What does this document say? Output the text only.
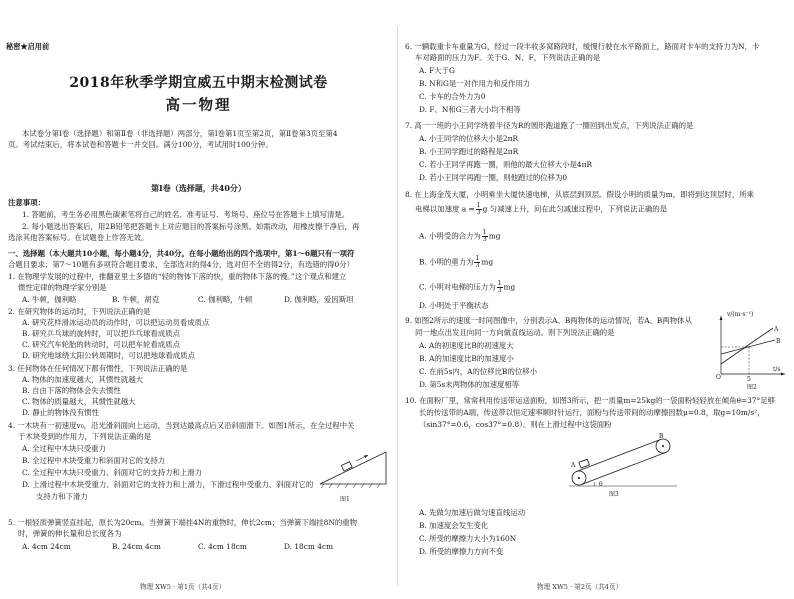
秘密★启用前
2018年秋季学期宜威五中期末检测试卷
高一物理
本试卷分第Ⅰ卷（选择题）和第Ⅱ卷（非选择题）两部分，第Ⅰ卷第1页至第2页，第Ⅱ卷第3页至第4
页。考试结束后，将本试卷和答题卡一并交回。满分100分，考试用时100分钟。
第Ⅰ卷（选择题，共40分）
注意事项：
1. 答题前，考生务必用黑色碳素笔将自己的姓名、准考证号、考场号、座位号在答题卡上填写清楚。
2. 每小题选出答案后，用2B铅笔把答题卡上对应题目的答案标号涂黑。如需改动，用橡皮擦干净后，再
选涂其他答案标号。在试题卷上作答无效。
一、选择题（本大题共10小题，每小题4分，共40分。在每小题给出的四个选项中，第1～6题只有一项符
合题目要求；第7～10题有多项符合题目要求，全部选对的得4分，选对但不全的得2分，有选错的得0分）
1. 在物理学发展的过程中，推翻亚里士多德的“轻的物体下落的快，重的物体下落的慢。”这个观点和建立
惯性定律的物理学家分别是
A. 牛顿，伽利略	B. 牛顿，胡克	C. 伽利略，牛顿	D. 伽利略，爱因斯坦
2. 在研究物体的运动时，下列说法正确的是
A. 研究花样滑冰运动员的动作时，可以把运动员看成质点
B. 研究乒乓球的旋转时，可以把乒乓球看成质点
C. 研究汽车轮胎的转动时，可以把车轮看成质点
D. 研究地球绕太阳公转周期时，可以把地球看成质点
3. 任何物体在任何情况下都有惯性，下列说法正确的是
A. 物体的加速度越大，其惯性就越大
B. 自由下落的物体会失去惯性
C. 物体的质量越大，其惯性就越大
D. 静止的物体没有惯性
4. 一木块有一初速度v₀，沿光滑斜面向上运动，当到达最高点后又沿斜面滑下。如图1所示，在全过程中关
于木块受到的作用力，下列说法正确的是
A. 全过程中木块只受重力
B. 全过程中木块受重力和斜面对它的支持力
C. 全过程中木块只受重力、斜面对它的支持力和上滑力
D. 上滑过程中木块受重力、斜面对它的支持力和上滑力，下滑过程中受重力、斜面对它的
支持力和下滑力	图1
5. 一根轻质弹簧竖直挂起，原长为20cm。当弹簧下端挂4N的重物时，伸长2cm；当弹簧下端挂8N的重物
时，弹簧的伸长量和总长度各为
A. 4cm 24cm	B. 24cm 4cm	C. 4cm 18cm	D. 18cm 4cm
物理 XW5 · 第1页（共4页）
6. 一辆载重卡车重量为G，经过一段丰收多窝路段时，缓慢行驶在水平路面上，路面对卡车的支持力为N，卡
车对路面的压力为F。关于G、N、F，下列说法正确的是
A. F大于G
B. N和G是一对作用力和反作用力
C. 卡车的合外力为0
D. F、N和G三者大小均不相等
7. 高一一班的小王同学绕着半径为R的圆形跑道跑了一圈回到出发点，下列说法正确的是
A. 小王同学的位移大小是2πR
B. 小王同学跑过的路程是2πR
C. 若小王同学再跑一圈，则他的最大位移大小是4πR
D. 若小王同学再跑一圈，则他跑过的位移为0
8. 在上海金茂大厦，小明乘坐大厦快速电梯，从底层到顶层。假设小明的质量为m，即将到达顶层时，所乘
电梯以加速度 $a = \frac{1}{3}$ g 匀减速上升，问在此匀减速过程中，下列说法正确的是
A. 小明受的合力为 $\frac{1}{3}$ mg
B. 小明的重力为 $\frac{1}{3}$ mg
C. 小明对电梯的压力为 $\frac{1}{3}$ mg
D. 小明处于平衡状态
9. 如图2所示的速度一时间图像中，分别表示A、B两物体的运动情况，若A、B两物体从
同一地点出发且向同一方向做直线运动。则下列说法正确的是
A. A的初速度比B的初速度大
B. A的加速度比B的加速度小
C. 在前5s内，A的位移比B的位移小
D. 第5s末两物体的加速度相等
v/(m·s⁻¹)
t/s
A
B
5
O
图2
10. 在面粉厂里，常常利用传送带运送面粉，如图3所示，把一质量m=25kg的一袋面粉轻轻放在倾角θ=37°足够
长的传送带的A端，传送带以恒定速率顺时针运行，面粉与传送带间的动摩擦因数μ=0.8，取g=10m/s²，
（sin37°=0.6，cos37°=0.8）。则在上滑过程中这袋面粉
A
B
θ
图3
A. 先做匀加速后做匀速直线运动
B. 加速度会发生变化
C. 所受的摩擦力大小为160N
D. 所受的摩擦力方向不变
物理 XW5 · 第2页（共4页）
